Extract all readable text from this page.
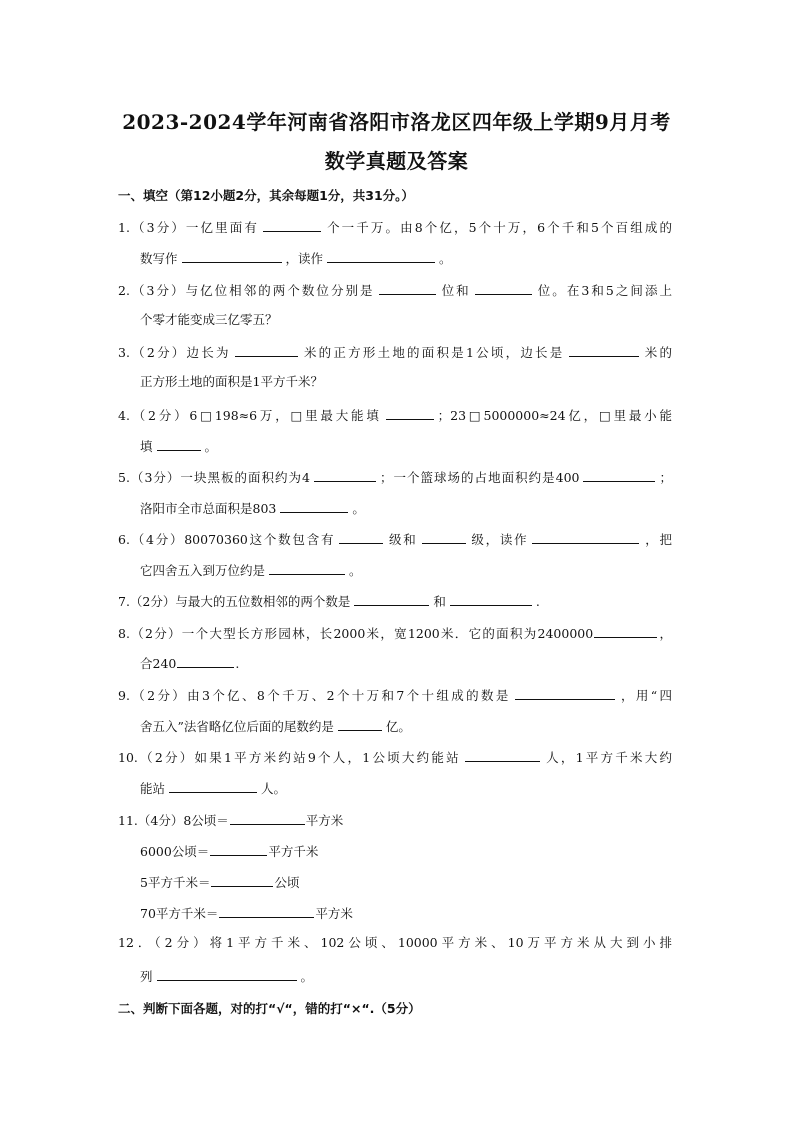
2023-2024学年河南省洛阳市洛龙区四年级上学期9月月考
数学真题及答案
一、填空（第12小题2分，其余每题1分，共31分。）
1.（3分）一亿里面有	个一千万。由8个亿，5个十万，6个千和5个百组成的
数写作	，读作	。
2.（3分）与亿位相邻的两个数位分别是	位和	位。在3和5之间添上
个零才能变成三亿零五？
3.（2分）边长为	米的正方形土地的面积是1公顷，边长是	米的
正方形土地的面积是1平方千米？
4.（2分）6□198≈6万，□里最大能填	；23□5000000≈24亿，□里最小能
填	。
5.（3分）一块黑板的面积约为4	；一个篮球场的占地面积约是400	；
洛阳市全市总面积是803	。
6.（4分）80070360这个数包含有	级和	级，读作	，把
它四舍五入到万位约是	。
7.（2分）与最大的五位数相邻的两个数是	和	.
8.（2分）一个大型长方形园林，长2000米，宽1200米．它的面积为2400000	，
合240	.
9.（2分）由3个亿、8个千万、2个十万和7个十组成的数是	，用“四
舍五入”法省略亿位后面的尾数约是	亿。
10.（2分）如果1平方米约站9个人，1公顷大约能站	人，1平方千米大约
能站	人。
11.（4分）8公顷＝	平方米
6000公顷＝	平方千米
5平方千米＝	公顷
70平方千米＝	平方米
12．（2分）将1平方千米、102公顷、10000平方米、10万平方米从大到小排
列	。
二、判断下面各题，对的打“√“，错的打“×“.（5分）
